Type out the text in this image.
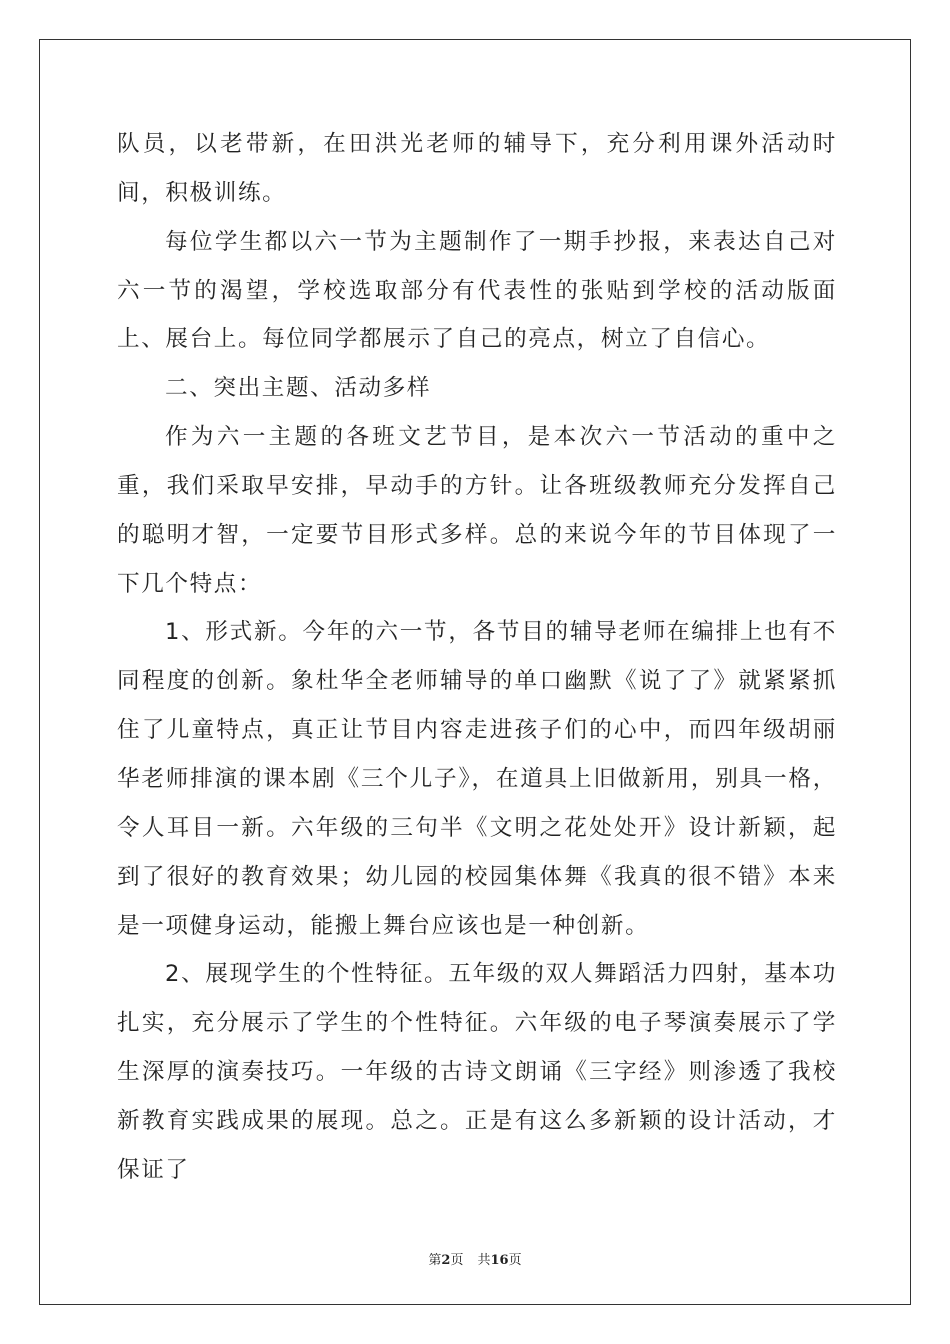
队员，以老带新，在田洪光老师的辅导下，充分利用课外活动时间，积极训练。

每位学生都以六一节为主题制作了一期手抄报，来表达自己对六一节的渴望，学校选取部分有代表性的张贴到学校的活动版面上、展台上。每位同学都展示了自己的亮点，树立了自信心。

二、突出主题、活动多样

作为六一主题的各班文艺节目，是本次六一节活动的重中之重，我们采取早安排，早动手的方针。让各班级教师充分发挥自己的聪明才智，一定要节目形式多样。总的来说今年的节目体现了一下几个特点：

1、形式新。今年的六一节，各节目的辅导老师在编排上也有不同程度的创新。象杜华全老师辅导的单口幽默《说了了》就紧紧抓住了儿童特点，真正让节目内容走进孩子们的心中，而四年级胡丽华老师排演的课本剧《三个儿子》，在道具上旧做新用，别具一格，令人耳目一新。六年级的三句半《文明之花处处开》设计新颖，起到了很好的教育效果；幼儿园的校园集体舞《我真的很不错》本来是一项健身运动，能搬上舞台应该也是一种创新。

2、展现学生的个性特征。五年级的双人舞蹈活力四射，基本功扎实，充分展示了学生的个性特征。六年级的电子琴演奏展示了学生深厚的演奏技巧。一年级的古诗文朗诵《三字经》则渗透了我校新教育实践成果的展现。总之。正是有这么多新颖的设计活动，才保证了

第2页 共16页
